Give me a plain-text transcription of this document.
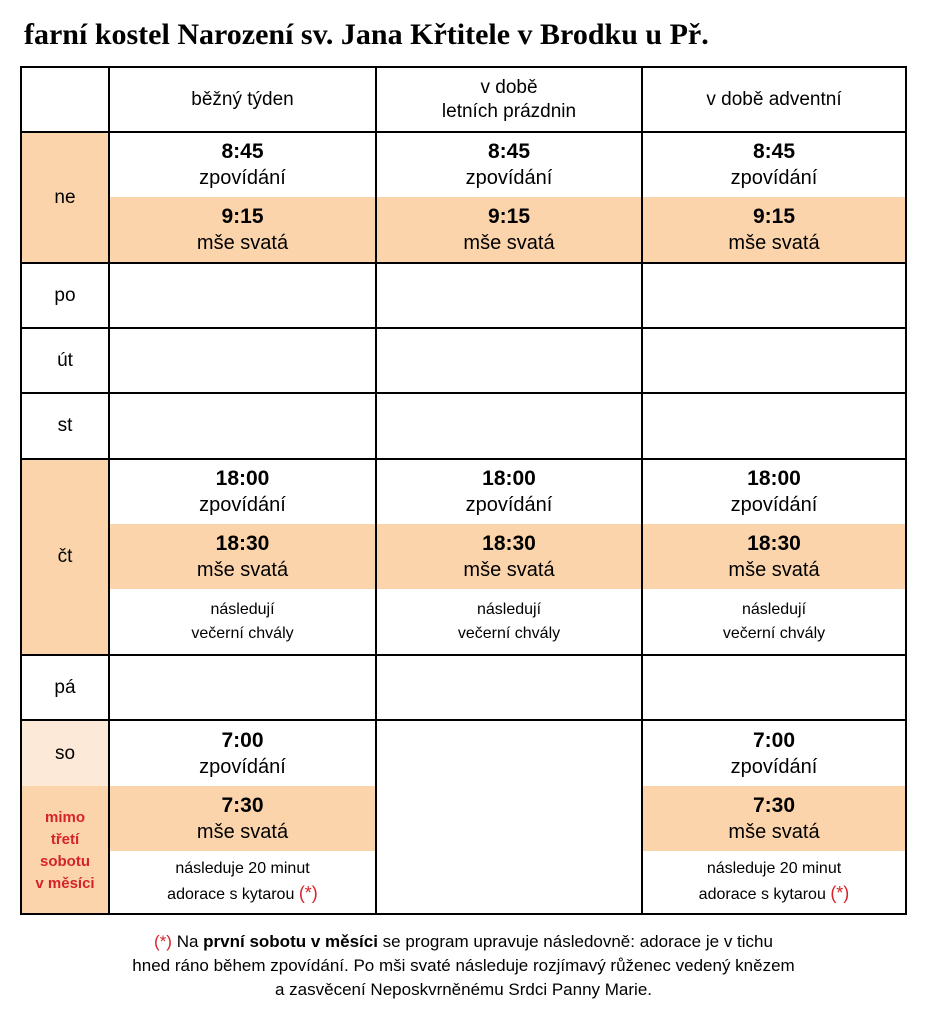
farní kostel Narození sv. Jana Křtitele v Brodku u Př.
běžný týden
v době
letních prázdnin
v době adventní
ne
po
út
st
čt
pá
so
mimo
třetí
sobotu
v měsíci
8:45
zpovídání
8:45
zpovídání
8:45
zpovídání
9:15
mše svatá
9:15
mše svatá
9:15
mše svatá
18:00
zpovídání
18:00
zpovídání
18:00
zpovídání
18:30
mše svatá
18:30
mše svatá
18:30
mše svatá
následují
večerní chvály
následují
večerní chvály
následují
večerní chvály
7:00
zpovídání
7:00
zpovídání
7:30
mše svatá
7:30
mše svatá
následuje 20 minut
adorace s kytarou (*)
následuje 20 minut
adorace s kytarou (*)
(*) Na první sobotu v měsíci se program upravuje následovně: adorace je v tichu
hned ráno během zpovídání. Po mši svaté následuje rozjímavý růženec vedený knězem
a zasvěcení Neposkvrněnému Srdci Panny Marie.
